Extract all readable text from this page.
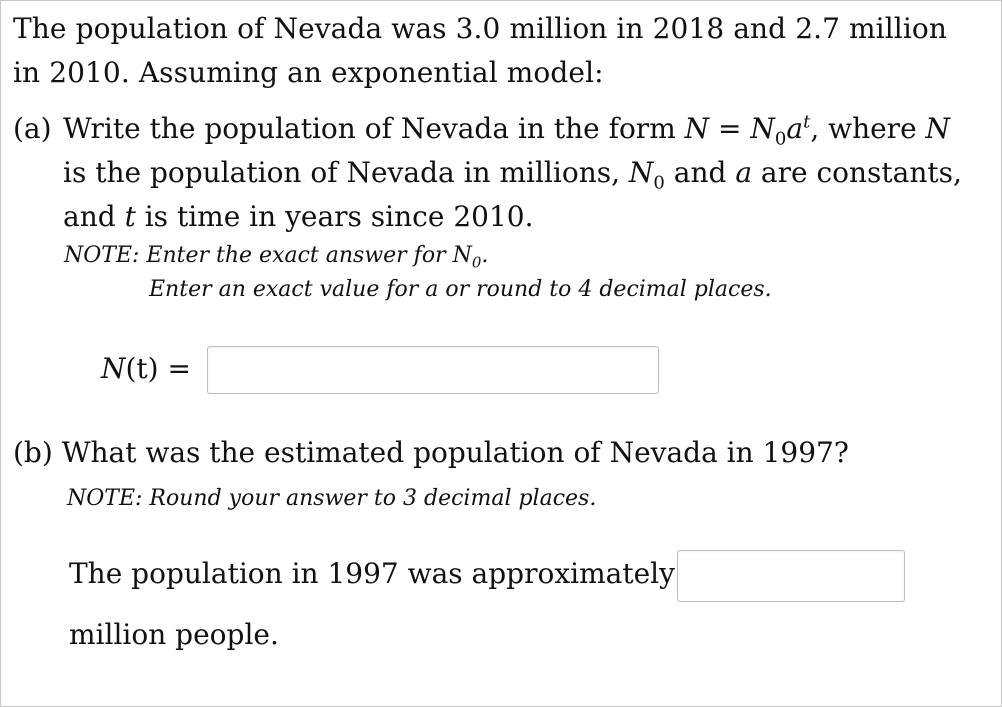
The population of Nevada was 3.0 million in 2018 and 2.7 million
in 2010. Assuming an exponential model:
(a) Write the population of Nevada in the form $N = N_0a^t$, where N
is the population of Nevada in millions, $N_0$ and a are constants,
and t is time in years since 2010.
NOTE: Enter the exact answer for $N_0$.
Enter an exact value for a or round to 4 decimal places.
N(t) =
(b) What was the estimated population of Nevada in 1997?
NOTE: Round your answer to 3 decimal places.
The population in 1997 was approximately
million people.
